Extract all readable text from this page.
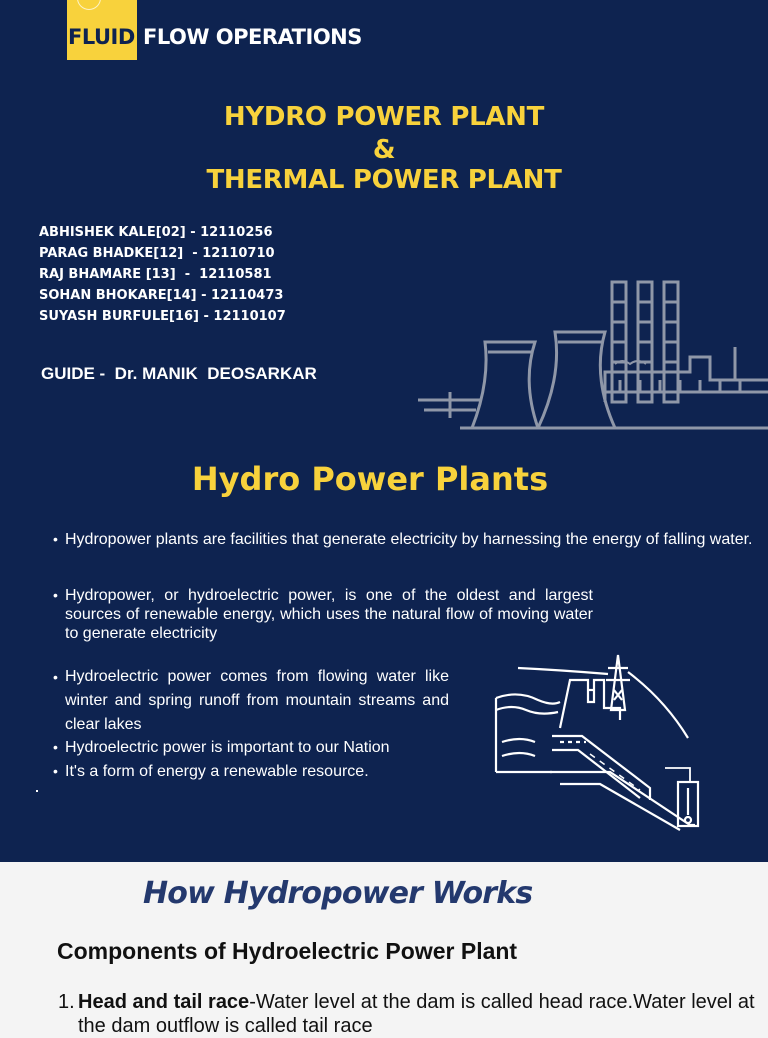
FLUID FLOW OPERATIONS
HYDRO POWER PLANT
&
THERMAL POWER PLANT
ABHISHEK KALE[02] - 12110256
PARAG BHADKE[12]  - 12110710
RAJ BHAMARE [13]  -  12110581
SOHAN BHOKARE[14] - 12110473
SUYASH BURFULE[16] - 12110107
GUIDE -  Dr. MANIK  DEOSARKAR
Hydro Power Plants
• Hydropower plants are facilities that generate electricity by harnessing the energy of falling water.
• Hydropower, or hydroelectric power, is one of the oldest and largest sources of renewable energy, which uses the natural flow of moving water to generate electricity
• Hydroelectric power comes from flowing water like winter and spring runoff from mountain streams and clear lakes
• Hydroelectric power is important to our Nation
• It's a form of energy a renewable resource.
How Hydropower Works
Components of Hydroelectric Power Plant
1. Head and tail race-Water level at the dam is called head race.Water level at the dam outflow is called tail race
